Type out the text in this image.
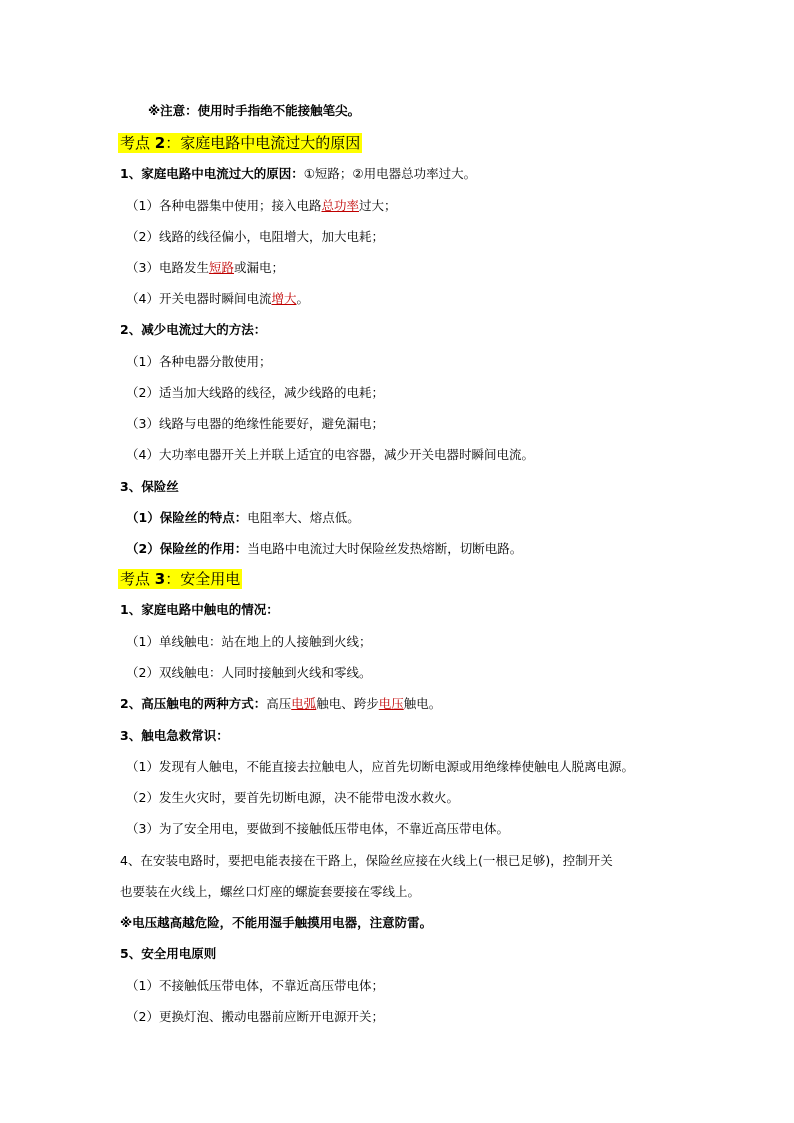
※注意：使用时手指绝不能接触笔尖。
考点 2：家庭电路中电流过大的原因
1、家庭电路中电流过大的原因：①短路；②用电器总功率过大。
（1）各种电器集中使用；接入电路总功率过大；
（2）线路的线径偏小，电阻增大，加大电耗；
（3）电路发生短路或漏电；
（4）开关电器时瞬间电流增大。
2、减少电流过大的方法：
（1）各种电器分散使用；
（2）适当加大线路的线径，减少线路的电耗；
（3）线路与电器的绝缘性能要好，避免漏电；
（4）大功率电器开关上并联上适宜的电容器，减少开关电器时瞬间电流。
3、保险丝
（1）保险丝的特点：电阻率大、熔点低。
（2）保险丝的作用：当电路中电流过大时保险丝发热熔断，切断电路。
考点 3：安全用电
1、家庭电路中触电的情况：
（1）单线触电：站在地上的人接触到火线；
（2）双线触电：人同时接触到火线和零线。
2、高压触电的两种方式：高压电弧触电、跨步电压触电。
3、触电急救常识：
（1）发现有人触电，不能直接去拉触电人，应首先切断电源或用绝缘棒使触电人脱离电源。
（2）发生火灾时，要首先切断电源，决不能带电泼水救火。
（3）为了安全用电，要做到不接触低压带电体，不靠近高压带电体。
4、在安装电路时，要把电能表接在干路上，保险丝应接在火线上(一根已足够)，控制开关
也要装在火线上，螺丝口灯座的螺旋套要接在零线上。
※电压越高越危险，不能用湿手触摸用电器，注意防雷。
5、安全用电原则
（1）不接触低压带电体，不靠近高压带电体；
（2）更换灯泡、搬动电器前应断开电源开关；
